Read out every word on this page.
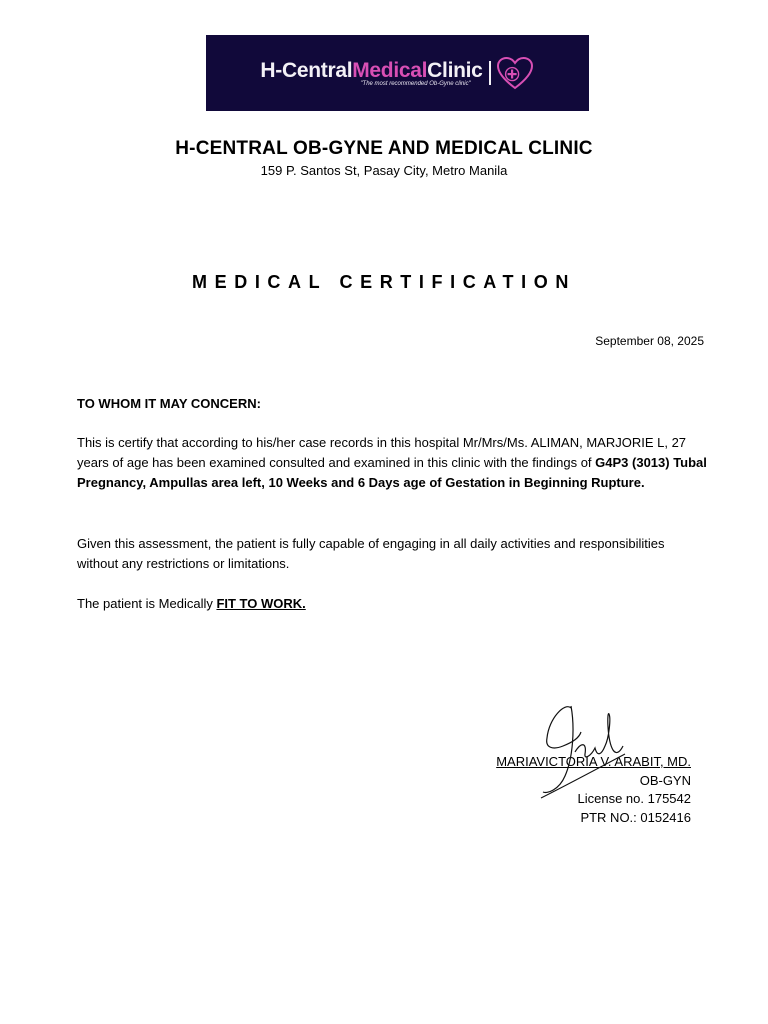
H-CentralMedicalClinic
"The most recommended Ob-Gyne clinic"
H-CENTRAL OB-GYNE AND MEDICAL CLINIC
159 P. Santos St, Pasay City, Metro Manila
MEDICAL CERTIFICATION
September 08, 2025
TO WHOM IT MAY CONCERN:
This is certify that according to his/her case records in this hospital Mr/Mrs/Ms. ALIMAN, MARJORIE L, 27 years of age has been examined consulted and examined in this clinic with the findings of G4P3 (3013) Tubal Pregnancy, Ampullas area left, 10 Weeks and 6 Days age of Gestation in Beginning Rupture.
Given this assessment, the patient is fully capable of engaging in all daily activities and responsibilities without any restrictions or limitations.
The patient is Medically FIT TO WORK.
MARIAVICTORIA V. ARABIT, MD.
OB-GYN
License no. 175542
PTR NO.: 0152416
